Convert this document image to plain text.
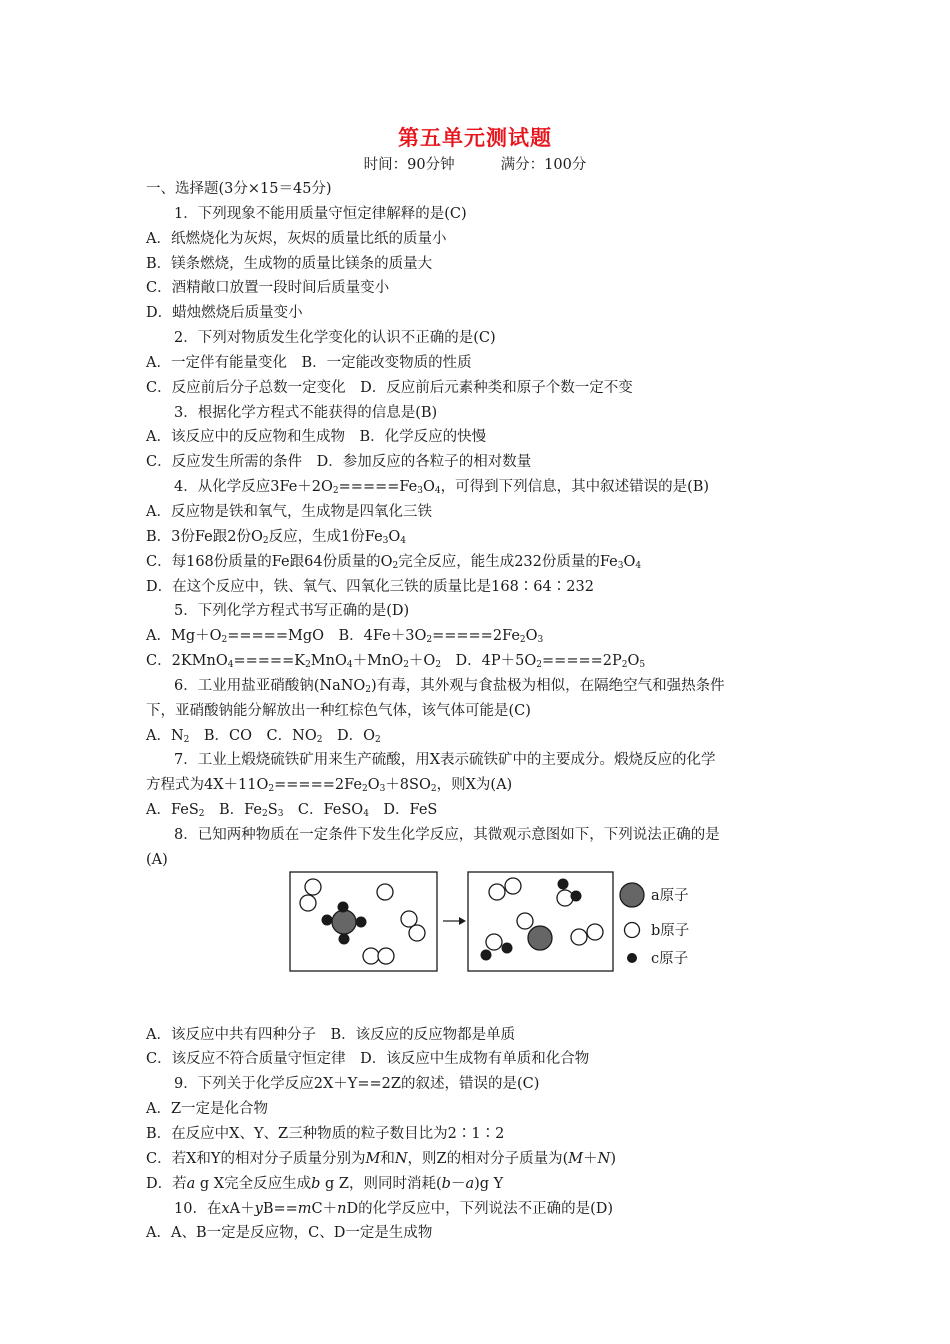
第五单元测试题
时间：90分钟	满分：100分
一、选择题(3分×15＝45分)
1．下列现象不能用质量守恒定律解释的是(C)
A．纸燃烧化为灰烬，灰烬的质量比纸的质量小
B．镁条燃烧，生成物的质量比镁条的质量大
C．酒精敞口放置一段时间后质量变小
D．蜡烛燃烧后质量变小
2．下列对物质发生化学变化的认识不正确的是(C)
A．一定伴有能量变化　B．一定能改变物质的性质
C．反应前后分子总数一定变化　D．反应前后元素种类和原子个数一定不变
3．根据化学方程式不能获得的信息是(B)
A．该反应中的反应物和生成物　B．化学反应的快慢
C．反应发生所需的条件　D．参加反应的各粒子的相对数量
4．从化学反应$3Fe+2O_2=====Fe_3O_4$，可得到下列信息，其中叙述错误的是(B)
A．反应物是铁和氧气，生成物是四氧化三铁
B．3份Fe跟2份$O_2$反应，生成1份$Fe_3O_4$
C．每168份质量的Fe跟64份质量的$O_2$完全反应，能生成232份质量的$Fe_3O_4$
D．在这个反应中，铁、氧气、四氧化三铁的质量比是168∶64∶232
5．下列化学方程式书写正确的是(D)
A．$Mg+O_2=====MgO$　B．$4Fe+3O_2=====2Fe_2O_3$
C．$2KMnO_4=====K_2MnO_4+MnO_2+O_2$　D．$4P+5O_2=====2P_2O_5$
6．工业用盐亚硝酸钠(NaNO$_2$)有毒，其外观与食盐极为相似，在隔绝空气和强热条件
下，亚硝酸钠能分解放出一种红棕色气体，该气体可能是(C)
A．$N_2$　B．CO　C．$NO_2$　D．$O_2$
7．工业上煅烧硫铁矿用来生产硫酸，用X表示硫铁矿中的主要成分。煅烧反应的化学
方程式为$4X+11O_2=====2Fe_2O_3+8SO_2$，则X为(A)
A．FeS$_2$　B．$Fe_2S_3$　C．FeSO$_4$　D．FeS
8．已知两种物质在一定条件下发生化学反应，其微观示意图如下，下列说法正确的是
(A)
A．该反应中共有四种分子　B．该反应的反应物都是单质
C．该反应不符合质量守恒定律　D．该反应中生成物有单质和化合物
9．下列关于化学反应2X＋Y==2Z的叙述，错误的是(C)
A．Z一定是化合物
B．在反应中X、Y、Z三种物质的粒子数目比为2∶1∶2
C．若X和Y的相对分子质量分别为M和N，则Z的相对分子质量为(M＋N)
D．若a g X完全反应生成b g Z，则同时消耗(b－a)g Y
10．在xA＋yB==mC＋nD的化学反应中，下列说法不正确的是(D)
A．A、B一定是反应物，C、D一定是生成物
a原子
b原子
c原子
